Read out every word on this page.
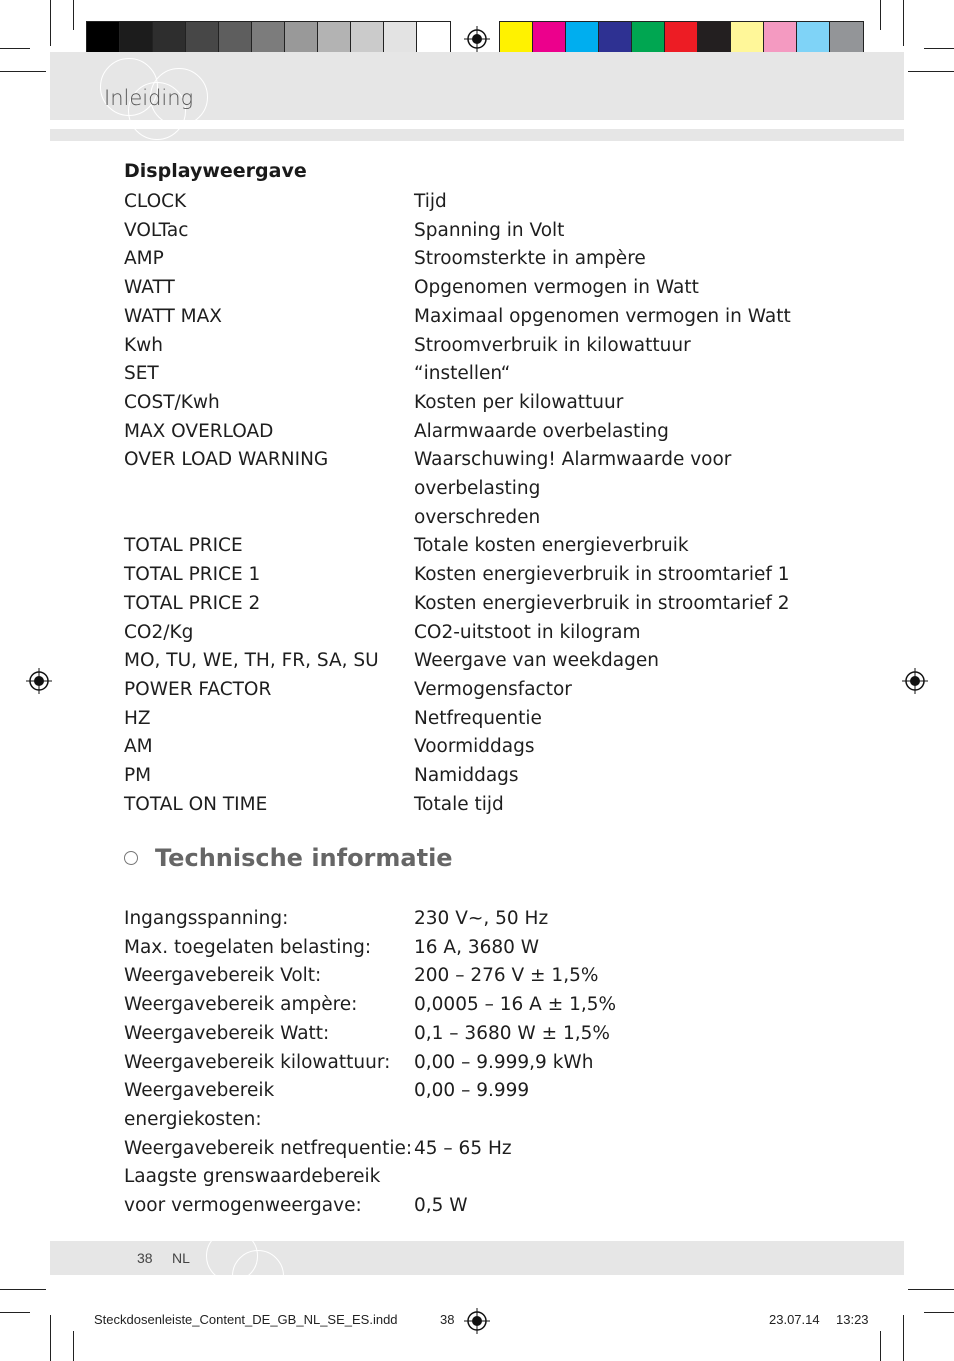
Inleiding
Displayweergave
CLOCK	Tijd
VOLTac	Spanning in Volt
AMP	Stroomsterkte in ampère
WATT	Opgenomen vermogen in Watt
WATT MAX	Maximaal opgenomen vermogen in Watt
Kwh	Stroomverbruik in kilowattuur
SET	“instellen“
COST/Kwh	Kosten per kilowattuur
MAX OVERLOAD	Alarmwaarde overbelasting
OVER LOAD WARNING	Waarschuwing! Alarmwaarde voor overbelasting

overschreden
TOTAL PRICE	Totale kosten energieverbruik
TOTAL PRICE 1	Kosten energieverbruik in stroomtarief 1
TOTAL PRICE 2	Kosten energieverbruik in stroomtarief 2
CO2/Kg	CO2-uitstoot in kilogram
MO, TU, WE, TH, FR, SA, SU	Weergave van weekdagen
POWER FACTOR	Vermogensfactor
HZ	Netfrequentie
AM	Voormiddags
PM	Namiddags
TOTAL ON TIME	Totale tijd
Technische informatie
Ingangsspanning:	230 V~, 50 Hz
Max. toegelaten belasting:	16 A, 3680 W
Weergavebereik Volt:	200 – 276 V ± 1,5%
Weergavebereik ampère:	0,0005 – 16 A ± 1,5%
Weergavebereik Watt:	0,1 – 3680 W ± 1,5%
Weergavebereik kilowattuur:	0,00 – 9.999,9 kWh
Weergavebereik energiekosten:
0,00 – 9.999
Weergavebereik netfrequentie: 45 – 65 Hz
Laagste grenswaardebereik
voor vermogenweergave:	0,5 W
38 NL
Steckdosenleiste_Content_DE_GB_NL_SE_ES.indd	38	23.07.14 13:23
